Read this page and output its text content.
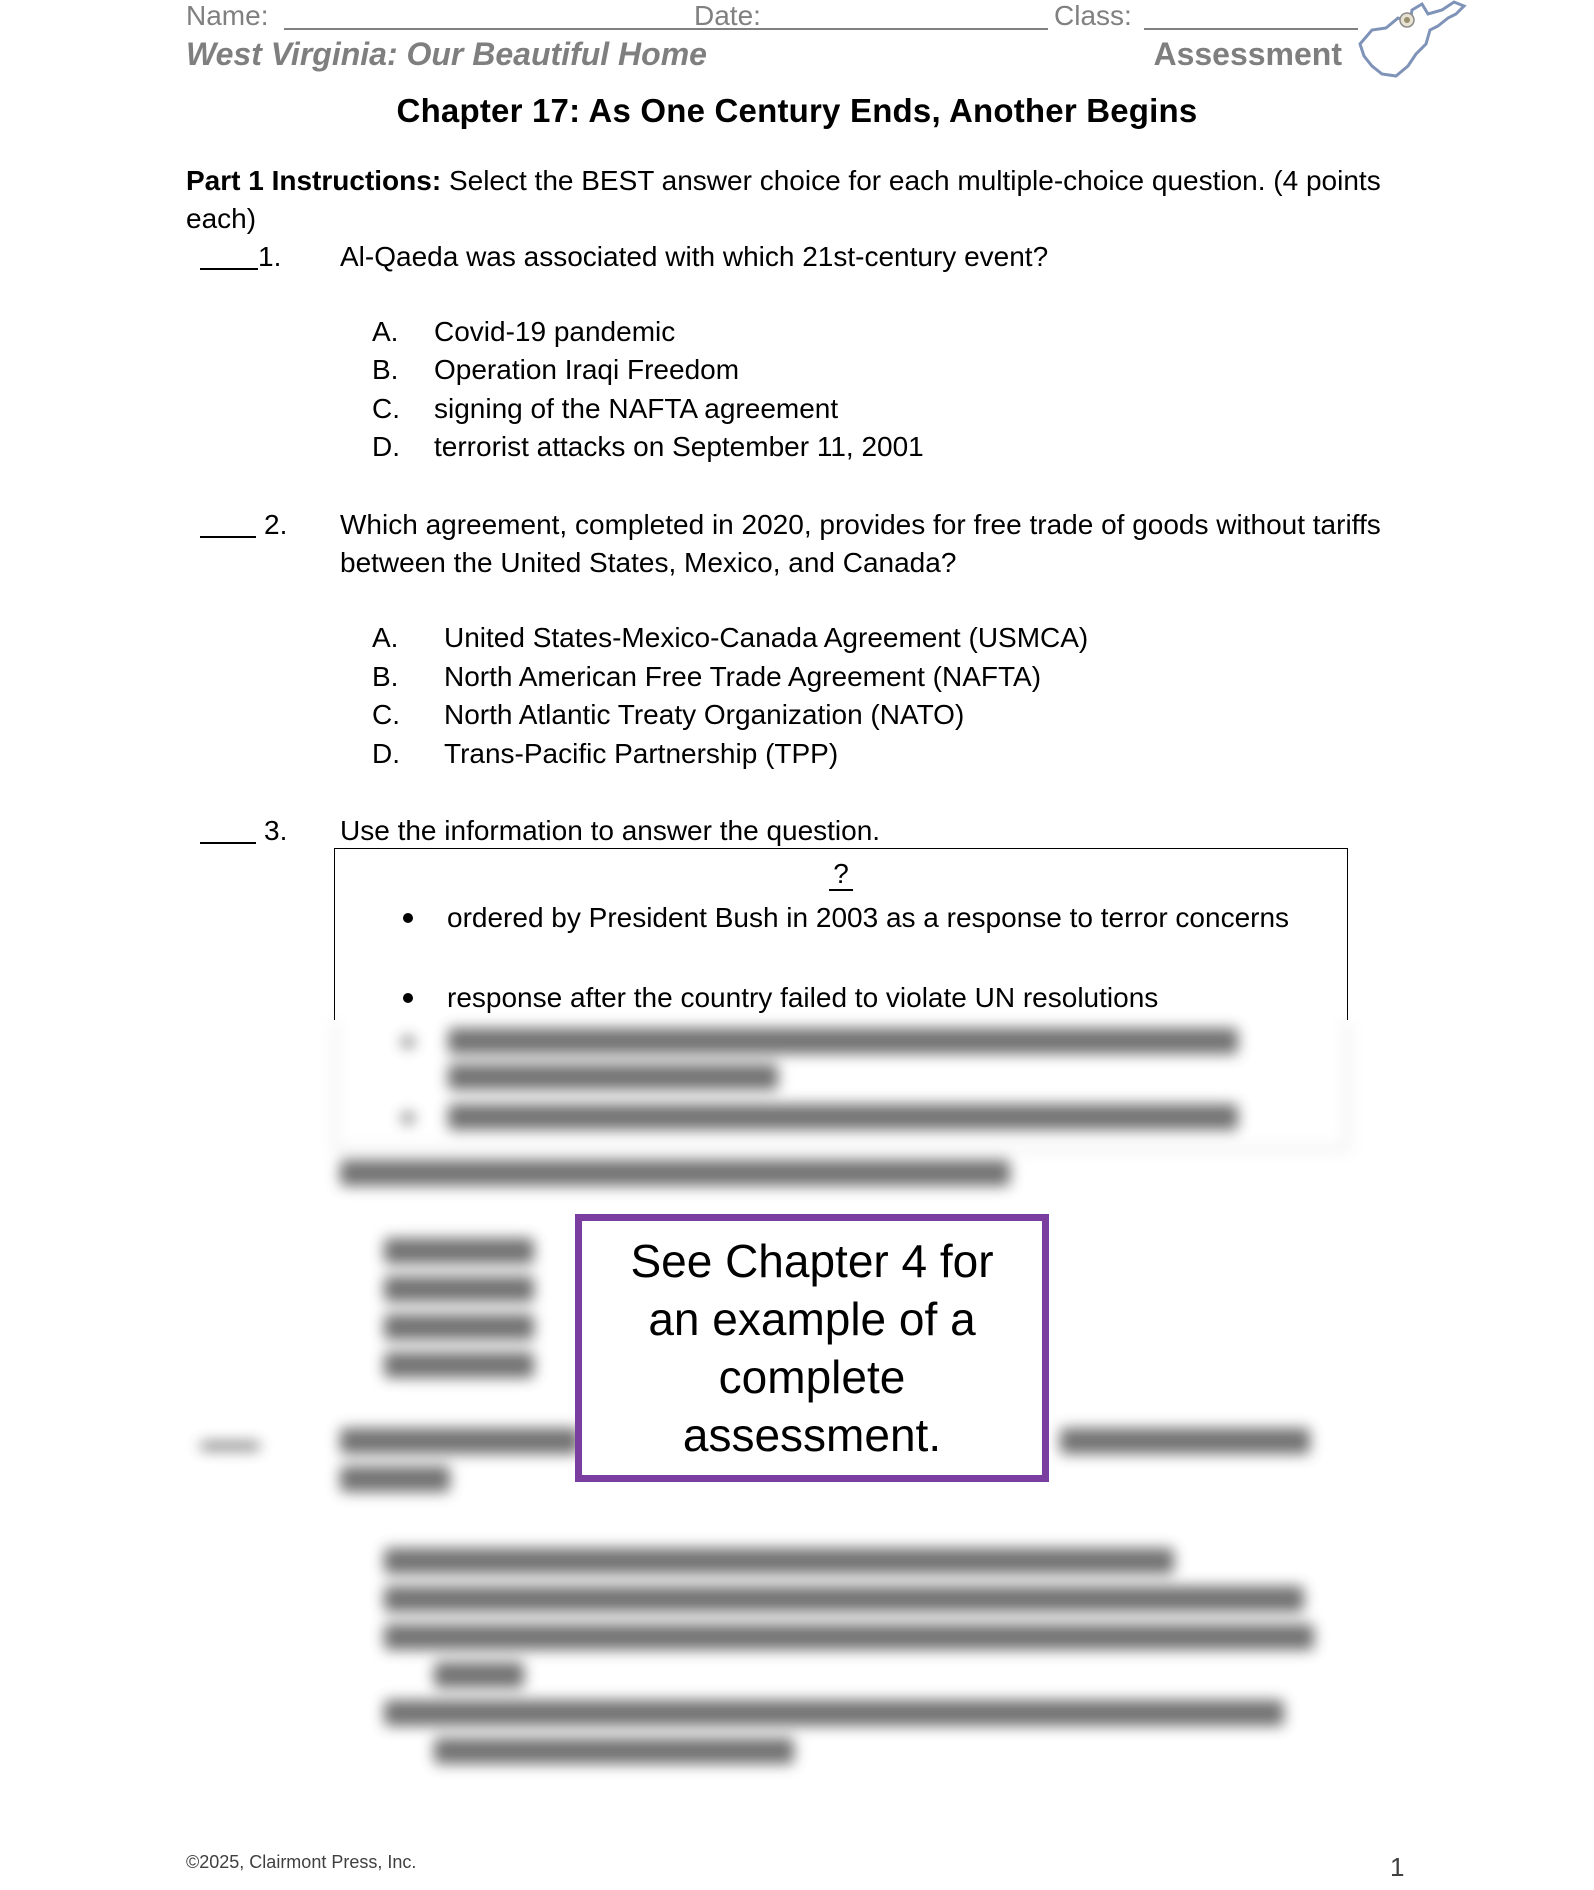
Name:	Date:	Class:
West Virginia: Our Beautiful Home	Assessment
Chapter 17: As One Century Ends, Another Begins
Part 1 Instructions: Select the BEST answer choice for each multiple-choice question. (4 points each)
1. Al-Qaeda was associated with which 21st-century event?
A. Covid-19 pandemic
B. Operation Iraqi Freedom
C. signing of the NAFTA agreement
D. terrorist attacks on September 11, 2001
2. Which agreement, completed in 2020, provides for free trade of goods without tariffs between the United States, Mexico, and Canada?
A. United States-Mexico-Canada Agreement (USMCA)
B. North American Free Trade Agreement (NAFTA)
C. North Atlantic Treaty Organization (NATO)
D. Trans-Pacific Partnership (TPP)
3. Use the information to answer the question.
?
ordered by President Bush in 2003 as a response to terror concerns
response after the country failed to violate UN resolutions
See Chapter 4 for an example of a complete assessment.
©2025, Clairmont Press, Inc.	1
